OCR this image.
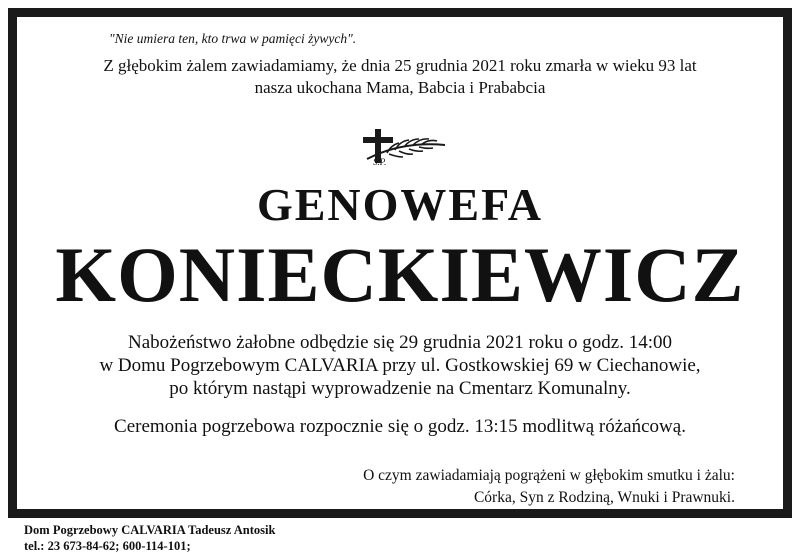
"Nie umiera ten, kto trwa w pamięci żywych".
Z głębokim żalem zawiadamiamy, że dnia 25 grudnia 2021 roku zmarła w wieku 93 lat
nasza ukochana Mama, Babcia i Prababcia
Ś.P.
GENOWEFA
KONIECKIEWICZ
Nabożeństwo żałobne odbędzie się 29 grudnia 2021 roku o godz. 14:00
w Domu Pogrzebowym CALVARIA przy ul. Gostkowskiej 69 w Ciechanowie,
po którym nastąpi wyprowadzenie na Cmentarz Komunalny.
Ceremonia pogrzebowa rozpocznie się o godz. 13:15 modlitwą różańcową.
O czym zawiadamiają pogrążeni w głębokim smutku i żalu:
Córka, Syn z Rodziną, Wnuki i Prawnuki.
Dom Pogrzebowy CALVARIA Tadeusz Antosik
tel.: 23 673-84-62; 600-114-101;
